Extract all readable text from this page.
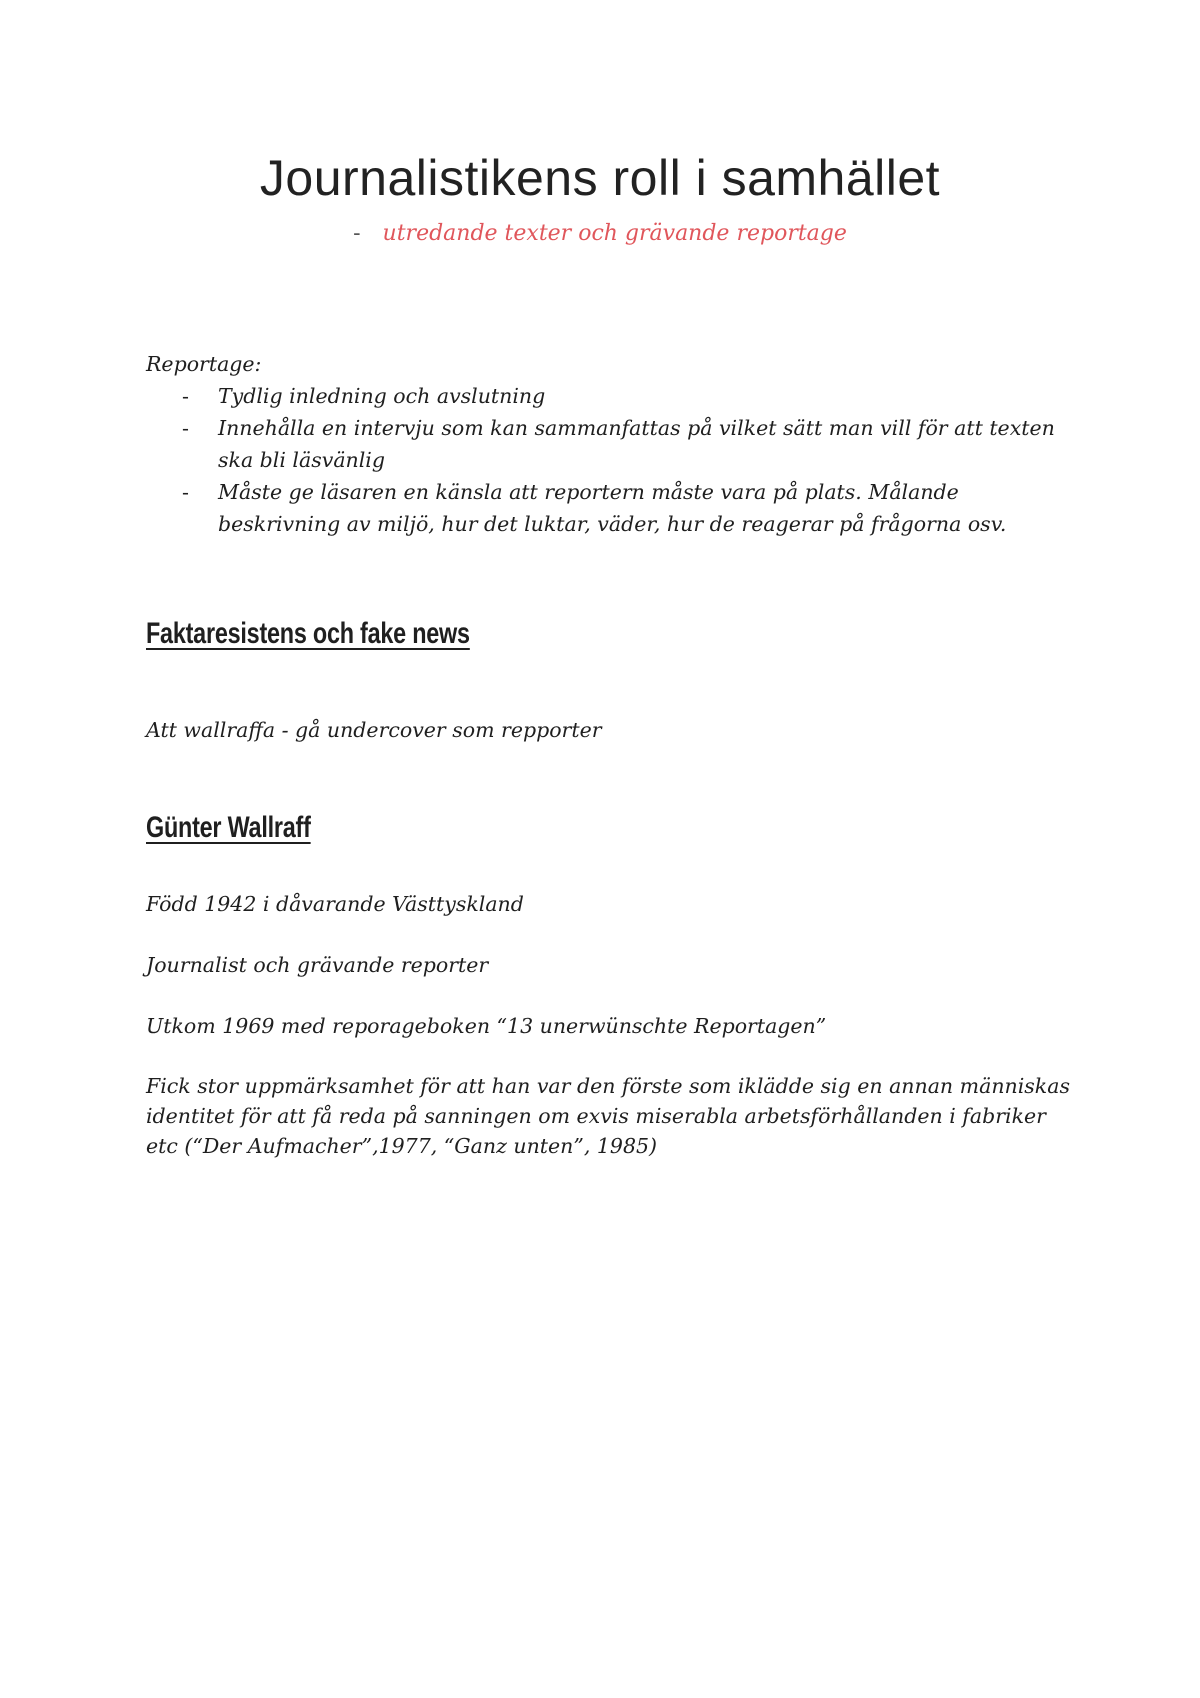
Journalistikens roll i samhället

- utredande texter och grävande reportage

Reportage:

- Tydlig inledning och avslutning
- Innehålla en intervju som kan sammanfattas på vilket sätt man vill för att texten ska bli läsvänlig
- Måste ge läsaren en känsla att reportern måste vara på plats. Målande beskrivning av miljö, hur det luktar, väder, hur de reagerar på frågorna osv.
Faktaresistens och fake news

Att wallraffa - gå undercover som repporter

Günter Wallraff

Född 1942 i dåvarande Västtyskland

Journalist och grävande reporter

Utkom 1969 med reporageboken “13 unerwünschte Reportagen”

Fick stor uppmärksamhet för att han var den förste som iklädde sig en annan människas identitet för att få reda på sanningen om exvis miserabla arbetsförhållanden i fabriker etc (“Der Aufmacher”,1977, “Ganz unten”, 1985)
